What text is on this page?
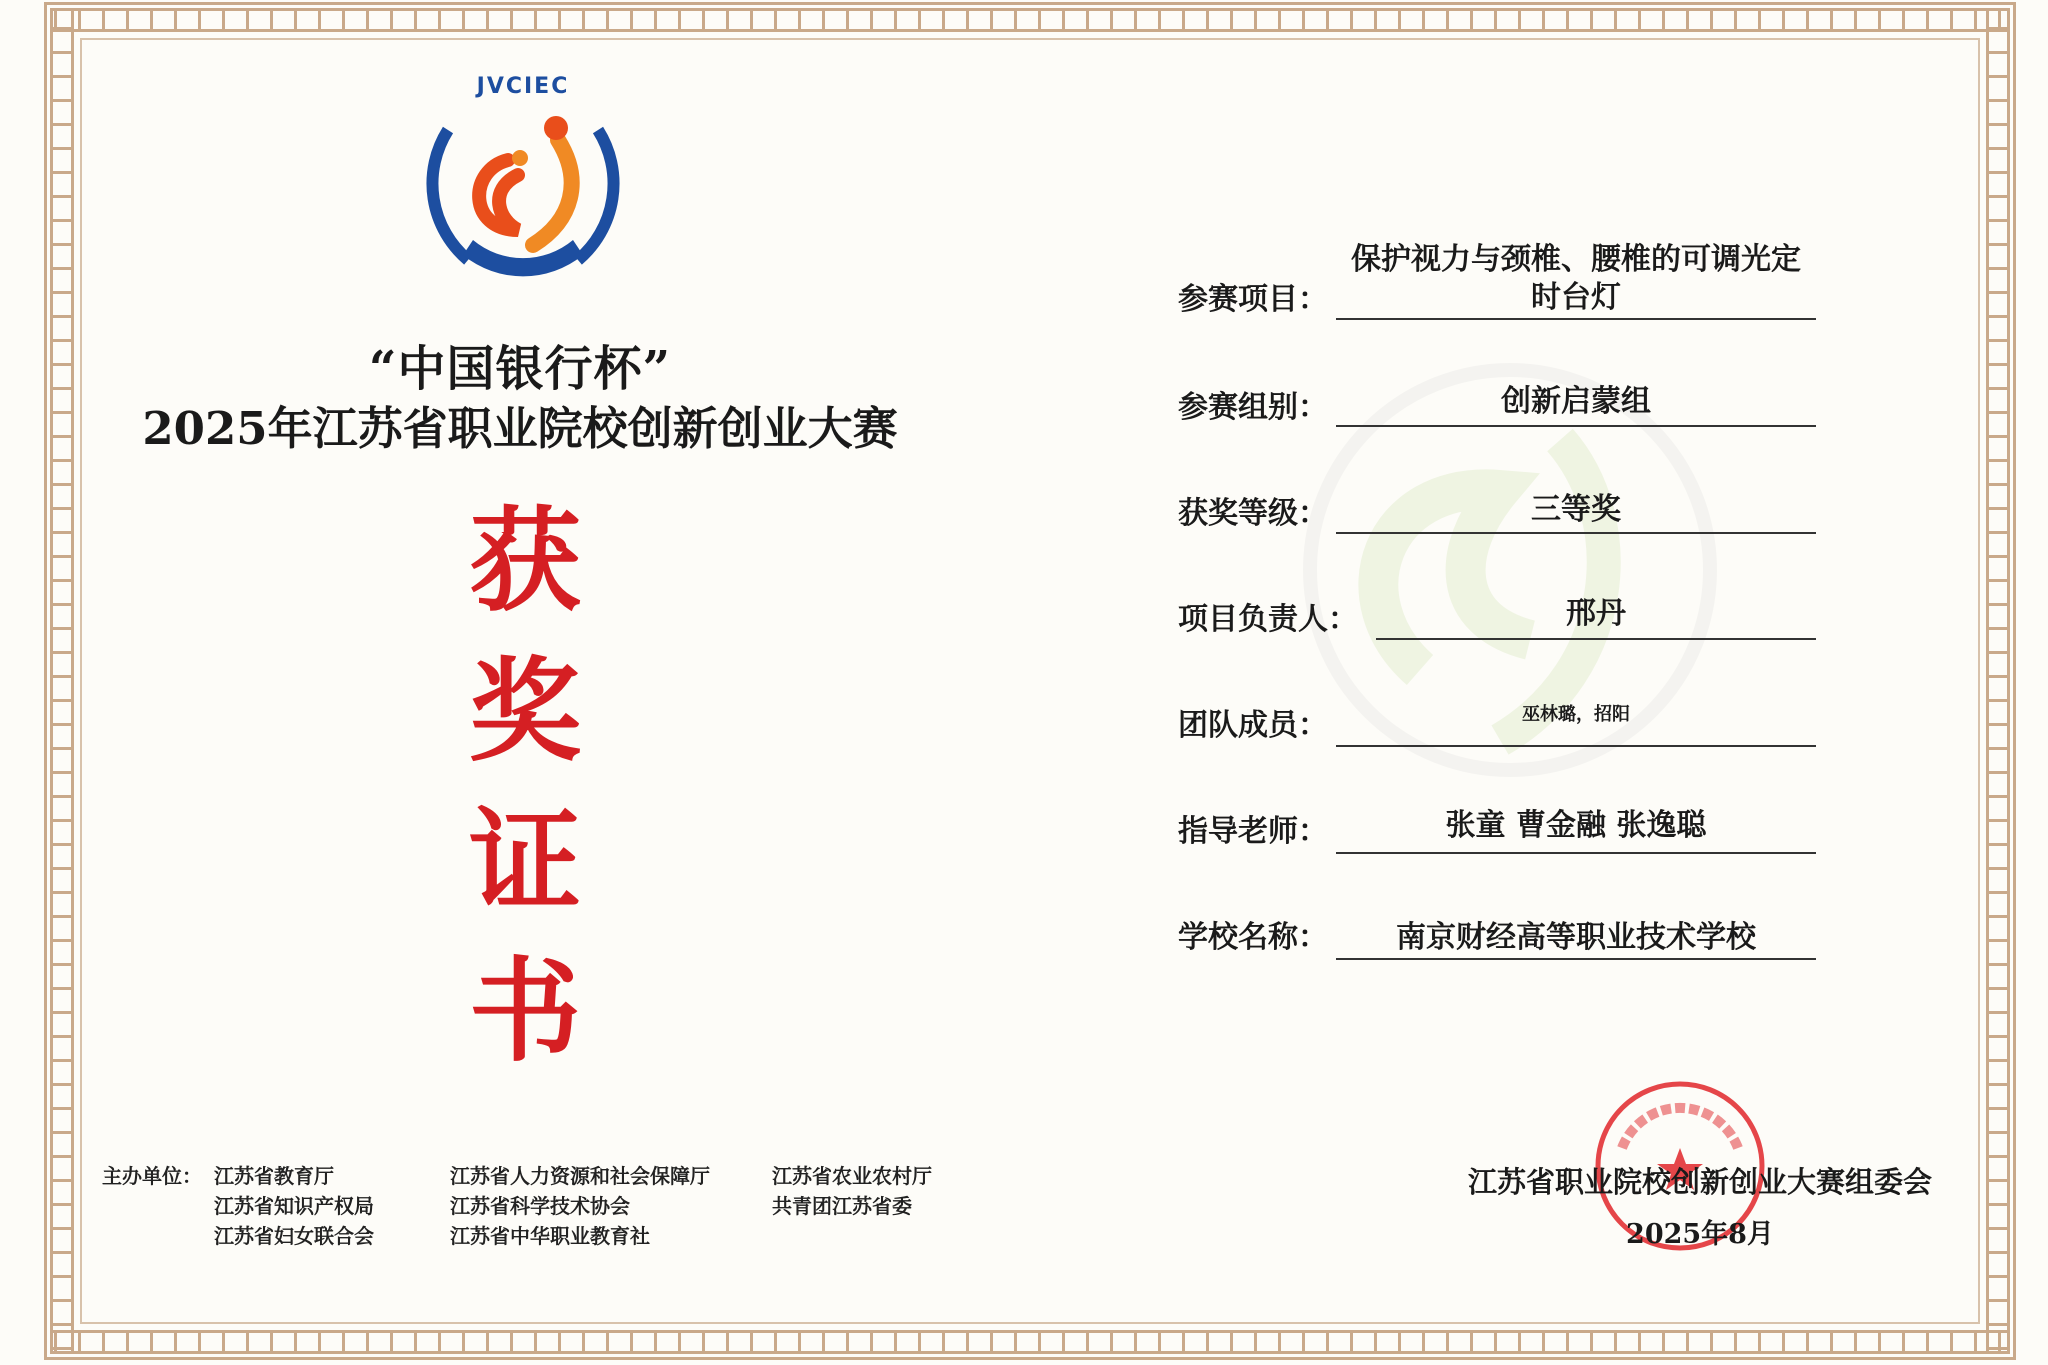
JVCIEC
“中国银行杯”
2025年江苏省职业院校创新创业大赛
获
奖
证
书
主办单位： 江苏省教育厅
江苏省知识产权局
江苏省妇女联合会
江苏省人力资源和社会保障厅
江苏省科学技术协会
江苏省中华职业教育社
江苏省农业农村厅
共青团江苏省委
参赛项目：
保护视力与颈椎、腰椎的可调光定
时台灯
参赛组别：	创新启蒙组
获奖等级：	三等奖
项目负责人：	邢丹
团队成员：	巫林璐，招阳
指导老师：	张童 曹金融 张逸聪
学校名称：	南京财经高等职业技术学校
江苏省职业院校创新创业大赛组委会
2025年8月
